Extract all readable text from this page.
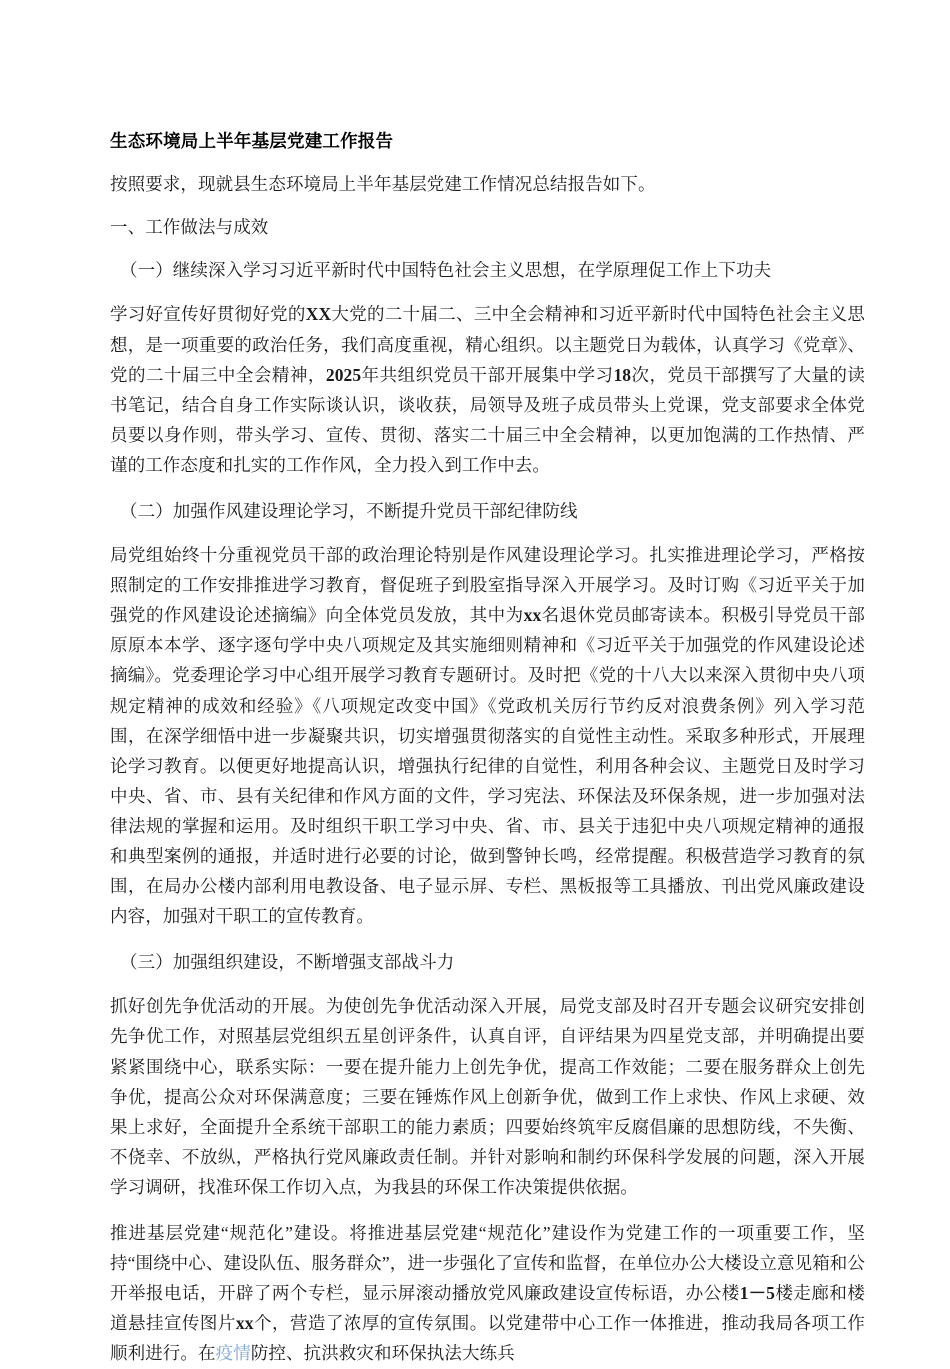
生态环境局上半年基层党建工作报告

按照要求，现就县生态环境局上半年基层党建工作情况总结报告如下。

一、工作做法与成效

（一）继续深入学习习近平新时代中国特色社会主义思想，在学原理促工作上下功夫

学习好宣传好贯彻好党的XX大党的二十届二、三中全会精神和习近平新时代中国特色社会主义思想，是一项重要的政治任务，我们高度重视，精心组织。以主题党日为载体，认真学习《党章》、党的二十届三中全会精神，2025年共组织党员干部开展集中学习18次，党员干部撰写了大量的读书笔记，结合自身工作实际谈认识，谈收获，局领导及班子成员带头上党课，党支部要求全体党员要以身作则，带头学习、宣传、贯彻、落实二十届三中全会精神，以更加饱满的工作热情、严谨的工作态度和扎实的工作作风，全力投入到工作中去。

（二）加强作风建设理论学习，不断提升党员干部纪律防线

局党组始终十分重视党员干部的政治理论特别是作风建设理论学习。扎实推进理论学习，严格按照制定的工作安排推进学习教育，督促班子到股室指导深入开展学习。及时订购《习近平关于加强党的作风建设论述摘编》向全体党员发放，其中为xx名退休党员邮寄读本。积极引导党员干部原原本本学、逐字逐句学中央八项规定及其实施细则精神和《习近平关于加强党的作风建设论述摘编》。党委理论学习中心组开展学习教育专题研讨。及时把《党的十八大以来深入贯彻中央八项规定精神的成效和经验》《八项规定改变中国》《党政机关厉行节约反对浪费条例》列入学习范围，在深学细悟中进一步凝聚共识，切实增强贯彻落实的自觉性主动性。采取多种形式，开展理论学习教育。以便更好地提高认识，增强执行纪律的自觉性，利用各种会议、主题党日及时学习中央、省、市、县有关纪律和作风方面的文件，学习宪法、环保法及环保条规，进一步加强对法律法规的掌握和运用。及时组织干职工学习中央、省、市、县关于违犯中央八项规定精神的通报和典型案例的通报，并适时进行必要的讨论，做到警钟长鸣，经常提醒。积极营造学习教育的氛围，在局办公楼内部利用电教设备、电子显示屏、专栏、黑板报等工具播放、刊出党风廉政建设内容，加强对干职工的宣传教育。

（三）加强组织建设，不断增强支部战斗力

抓好创先争优活动的开展。为使创先争优活动深入开展，局党支部及时召开专题会议研究安排创先争优工作，对照基层党组织五星创评条件，认真自评，自评结果为四星党支部，并明确提出要紧紧围绕中心，联系实际：一要在提升能力上创先争优，提高工作效能；二要在服务群众上创先争优，提高公众对环保满意度；三要在锤炼作风上创新争优，做到工作上求快、作风上求硬、效果上求好，全面提升全系统干部职工的能力素质；四要始终筑牢反腐倡廉的思想防线，不失衡、不侥幸、不放纵，严格执行党风廉政责任制。并针对影响和制约环保科学发展的问题，深入开展学习调研，找准环保工作切入点，为我县的环保工作决策提供依据。

推进基层党建“规范化”建设。将推进基层党建“规范化”建设作为党建工作的一项重要工作，坚持“围绕中心、建设队伍、服务群众”，进一步强化了宣传和监督，在单位办公大楼设立意见箱和公开举报电话，开辟了两个专栏，显示屏滚动播放党风廉政建设宣传标语，办公楼1－5楼走廊和楼道悬挂宣传图片xx个，营造了浓厚的宣传氛围。以党建带中心工作一体推进，推动我局各项工作顺利进行。在疫情防控、抗洪救灾和环保执法大练兵
